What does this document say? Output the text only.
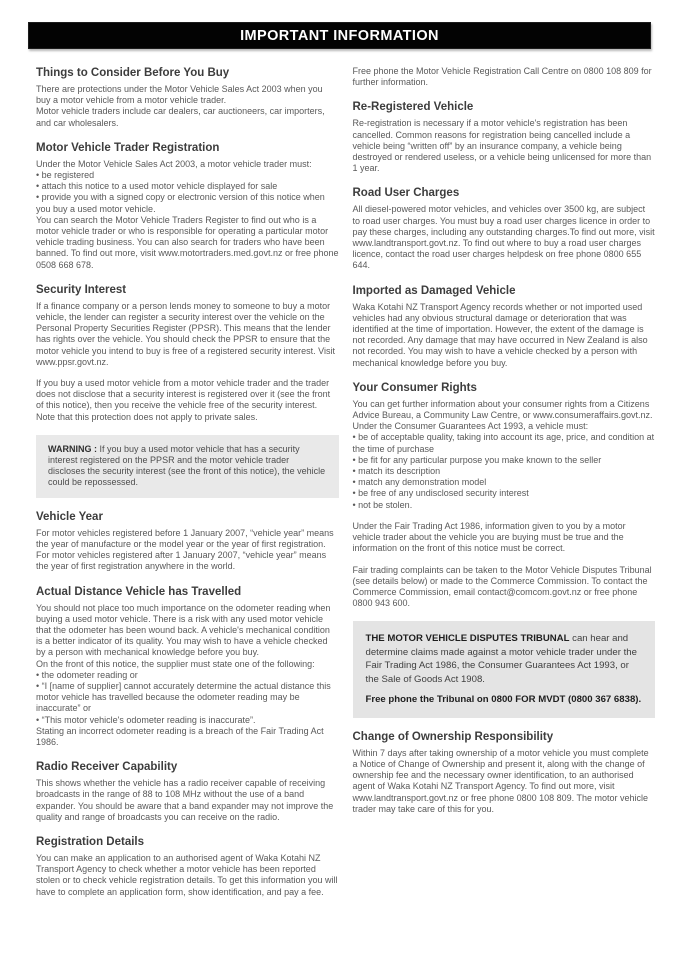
IMPORTANT INFORMATION
Things to Consider Before You Buy
There are protections under the Motor Vehicle Sales Act 2003 when you buy a motor vehicle from a motor vehicle trader.
Motor vehicle traders include car dealers, car auctioneers, car importers, and car wholesalers.
Motor Vehicle Trader Registration
Under the Motor Vehicle Sales Act 2003, a motor vehicle trader must:
• be registered
• attach this notice to a used motor vehicle displayed for sale
• provide you with a signed copy or electronic version of this notice when you buy a used motor vehicle.
You can search the Motor Vehicle Traders Register to find out who is a motor vehicle trader or who is responsible for operating a particular motor vehicle trading business. You can also search for traders who have been banned. To find out more, visit www.motortraders.med.govt.nz or free phone 0508 668 678.
Security Interest
If a finance company or a person lends money to someone to buy a motor vehicle, the lender can register a security interest over the vehicle on the Personal Property Securities Register (PPSR). This means that the lender has rights over the vehicle. You should check the PPSR to ensure that the motor vehicle you intend to buy is free of a registered security interest. Visit www.ppsr.govt.nz.
If you buy a used motor vehicle from a motor vehicle trader and the trader does not disclose that a security interest is registered over it (see the front of this notice), then you receive the vehicle free of the security interest. Note that this protection does not apply to private sales.
WARNING : If you buy a used motor vehicle that has a security interest registered on the PPSR and the motor vehicle trader discloses the security interest (see the front of this notice), the vehicle could be repossessed.
Vehicle Year
For motor vehicles registered before 1 January 2007, “vehicle year” means the year of manufacture or the model year or the year of first registration. For motor vehicles registered after 1 January 2007, “vehicle year” means the year of first registration anywhere in the world.
Actual Distance Vehicle has Travelled
You should not place too much importance on the odometer reading when buying a used motor vehicle. There is a risk with any used motor vehicle that the odometer has been wound back. A vehicle's mechanical condition is a better indicator of its quality. You may wish to have a vehicle checked by a person with mechanical knowledge before you buy.
On the front of this notice, the supplier must state one of the following:
• the odometer reading or
• “I [name of supplier] cannot accurately determine the actual distance this motor vehicle has travelled because the odometer reading may be inaccurate” or
• “This motor vehicle's odometer reading is inaccurate”.
Stating an incorrect odometer reading is a breach of the Fair Trading Act 1986.
Radio Receiver Capability
This shows whether the vehicle has a radio receiver capable of receiving broadcasts in the range of 88 to 108 MHz without the use of a band expander. You should be aware that a band expander may not improve the quality and range of broadcasts you can receive on the radio.
Registration Details
You can make an application to an authorised agent of Waka Kotahi NZ Transport Agency to check whether a motor vehicle has been reported stolen or to check vehicle registration details. To get this information you will have to complete an application form, show identification, and pay a fee.
Free phone the Motor Vehicle Registration Call Centre on 0800 108 809 for further information.
Re-Registered Vehicle
Re-registration is necessary if a motor vehicle's registration has been cancelled. Common reasons for registration being cancelled include a vehicle being “written off” by an insurance company, a vehicle being destroyed or rendered useless, or a vehicle being unlicensed for more than 1 year.
Road User Charges
All diesel-powered motor vehicles, and vehicles over 3500 kg, are subject to road user charges. You must buy a road user charges licence in order to pay these charges, including any outstanding charges.To find out more, visit www.landtransport.govt.nz. To find out where to buy a road user charges licence, contact the road user charges helpdesk on free phone 0800 655 644.
Imported as Damaged Vehicle
Waka Kotahi NZ Transport Agency records whether or not imported used vehicles had any obvious structural damage or deterioration that was identified at the time of importation. However, the extent of the damage is not recorded. Any damage that may have occurred in New Zealand is also not recorded. You may wish to have a vehicle checked by a person with mechanical knowledge before you buy.
Your Consumer Rights
You can get further information about your consumer rights from a Citizens Advice Bureau, a Community Law Centre, or www.consumeraffairs.govt.nz.
Under the Consumer Guarantees Act 1993, a vehicle must:
• be of acceptable quality, taking into account its age, price, and condition at the time of purchase
• be fit for any particular purpose you make known to the seller
• match its description
• match any demonstration model
• be free of any undisclosed security interest
• not be stolen.
Under the Fair Trading Act 1986, information given to you by a motor vehicle trader about the vehicle you are buying must be true and the information on the front of this notice must be correct.
Fair trading complaints can be taken to the Motor Vehicle Disputes Tribunal (see details below) or made to the Commerce Commission. To contact the Commerce Commission, email contact@comcom.govt.nz or free phone 0800 943 600.
THE MOTOR VEHICLE DISPUTES TRIBUNAL can hear and determine claims made against a motor vehicle trader under the Fair Trading Act 1986, the Consumer Guarantees Act 1993, or the Sale of Goods Act 1908.
Free phone the Tribunal on 0800 FOR MVDT (0800 367 6838).
Change of Ownership Responsibility
Within 7 days after taking ownership of a motor vehicle you must complete a Notice of Change of Ownership and present it, along with the change of ownership fee and the necessary owner identification, to an authorised agent of Waka Kotahi NZ Transport Agency. To find out more, visit www.landtransport.govt.nz or free phone 0800 108 809. The motor vehicle trader may take care of this for you.
